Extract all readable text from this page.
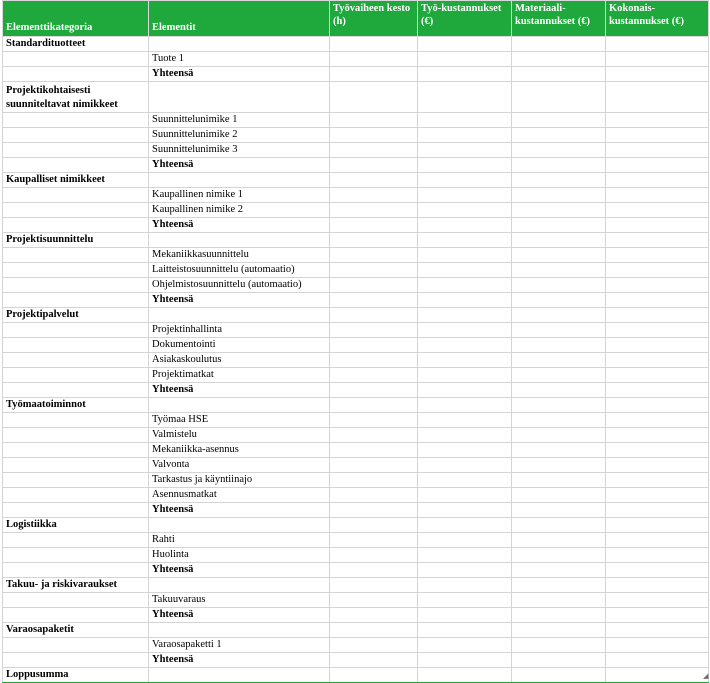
Elementtikategoria	Elementit	Työvaiheen kesto (h)	Työ-kustannukset (€)	Materiaali-kustannukset (€)	Kokonais-kustannukset (€)
Standardituotteet					
	Tuote 1				
	Yhteensä				
Projektikohtaisesti suunniteltavat nimikkeet					
	Suunnittelunimike 1				
	Suunnittelunimike 2				
	Suunnittelunimike 3				
	Yhteensä				
Kaupalliset nimikkeet					
	Kaupallinen nimike 1				
	Kaupallinen nimike 2				
	Yhteensä				
Projektisuunnittelu					
	Mekaniikkasuunnittelu				
	Laitteistosuunnittelu (automaatio)				
	Ohjelmistosuunnittelu (automaatio)				
	Yhteensä				
Projektipalvelut					
	Projektinhallinta				
	Dokumentointi				
	Asiakaskoulutus				
	Projektimatkat				
	Yhteensä				
Työmaatoiminnot					
	Työmaa HSE				
	Valmistelu				
	Mekaniikka-asennus				
	Valvonta				
	Tarkastus ja käyntiinajo				
	Asennusmatkat				
	Yhteensä				
Logistiikka					
	Rahti				
	Huolinta				
	Yhteensä				
Takuu- ja riskivaraukset					
	Takuuvaraus				
	Yhteensä				
Varaosapaketit					
	Varaosapaketti 1				
	Yhteensä				
Loppusumma						◢
